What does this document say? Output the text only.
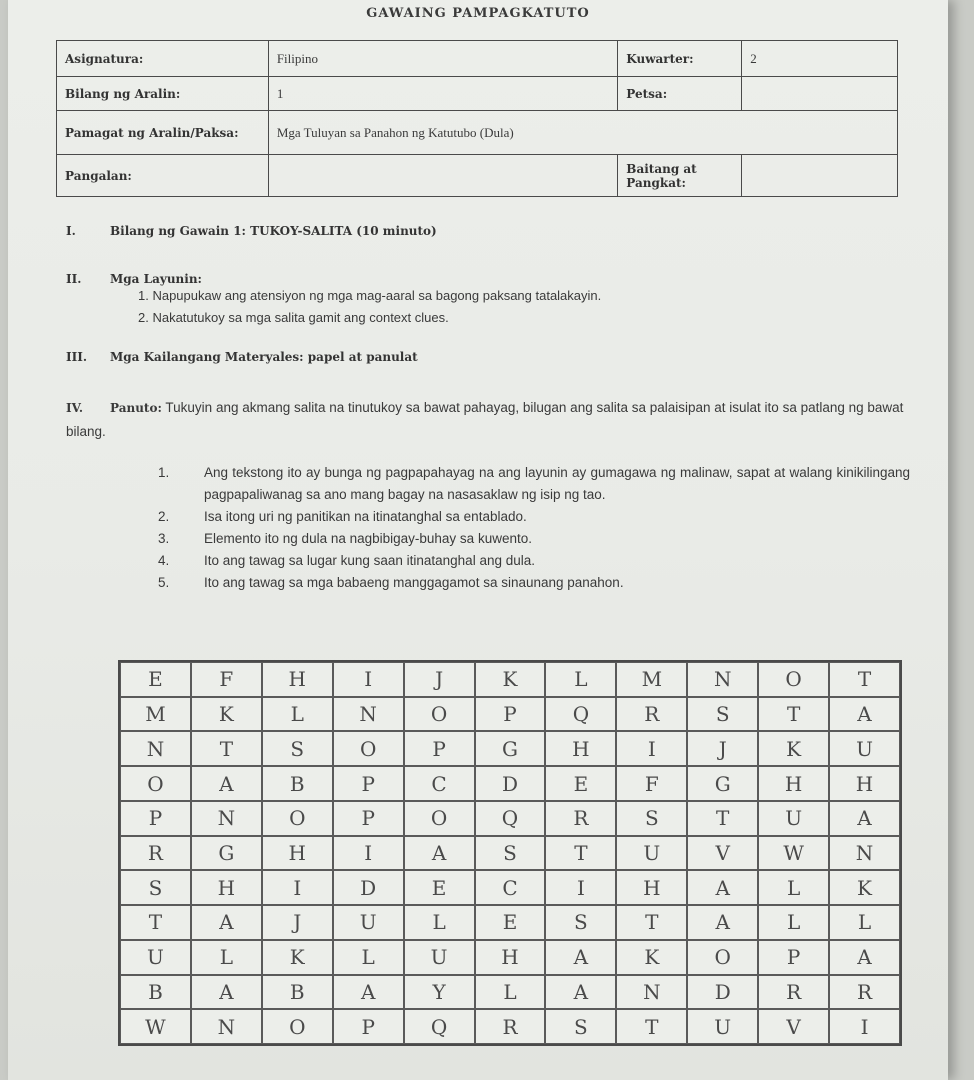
GAWAING PAMPAGKATUTO
Asignatura:	Filipino	Kuwarter:	2
Bilang ng Aralin:	1	Petsa:	
Pamagat ng Aralin/Paksa:	Mga Tuluyan sa Panahon ng Katutubo (Dula)		
Pangalan:		Baitang at Pangkat:	
I.	Bilang ng Gawain 1: TUKOY-SALITA (10 minuto)
II. Mga Layunin:
1. Napupukaw ang atensiyon ng mga mag-aaral sa bagong paksang tatalakayin.
2. Nakatutukoy sa mga salita gamit ang context clues.
III. Mga Kailangang Materyales: papel at panulat
IV. Panuto: Tukuyin ang akmang salita na tinutukoy sa bawat pahayag, bilugan ang salita sa palaisipan at isulat ito sa patlang ng bawat bilang.
1.	Ang tekstong ito ay bunga ng pagpapahayag na ang layunin ay gumagawa ng malinaw, sapat at walang kinikilingang pagpapaliwanag sa ano mang bagay na nasasaklaw ng isip ng tao.
2.	Isa itong uri ng panitikan na itinatanghal sa entablado.
3.	Elemento ito ng dula na nagbibigay-buhay sa kuwento.
4.	Ito ang tawag sa lugar kung saan itinatanghal ang dula.
5.	Ito ang tawag sa mga babaeng manggagamot sa sinaunang panahon.
E	F	H	I	J	K	L	M	N	O	T
M	K	L	N	O	P	Q	R	S	T	A
N	T	S	O	P	G	H	I	J	K	U
O	A	B	P	C	D	E	F	G	H	H
P	N	O	P	O	Q	R	S	T	U	A
R	G	H	I	A	S	T	U	V	W	N
S	H	I	D	E	C	I	H	A	L	K
T	A	J	U	L	E	S	T	A	L	L
U	L	K	L	U	H	A	K	O	P	A
B	A	B	A	Y	L	A	N	D	R	R
W	N	O	P	Q	R	S	T	U	V	I
